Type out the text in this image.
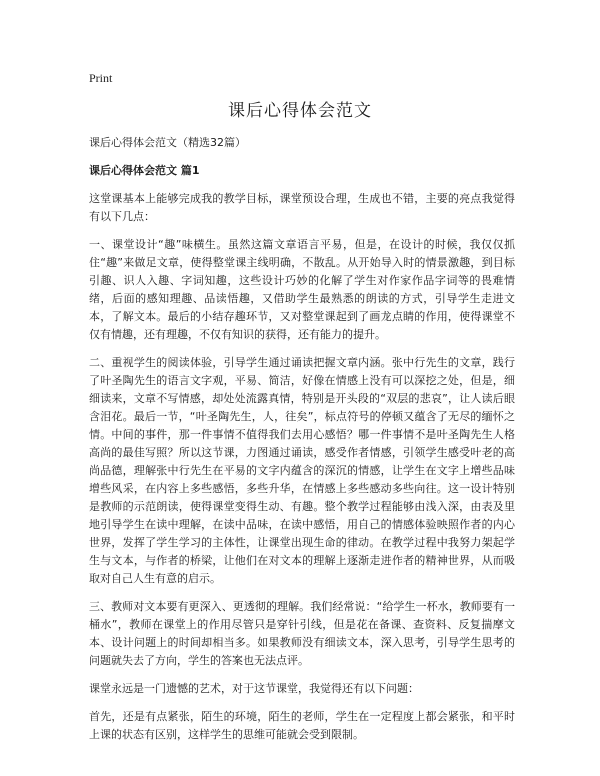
Print
课后心得体会范文

课后心得体会范文（精选32篇）

课后心得体会范文 篇1

这堂课基本上能够完成我的教学目标，课堂预设合理，生成也不错，主要的亮点我觉得有以下几点：

一、课堂设计“趣”味横生。虽然这篇文章语言平易，但是，在设计的时候，我仅仅抓住“趣”来做足文章，使得整堂课主线明确，不散乱。从开始导入时的情景激趣，到目标引趣、识人入趣、字词知趣，这些设计巧妙的化解了学生对作家作品字词等的畏难情绪，后面的感知理趣、品读悟趣，又借助学生最熟悉的朗读的方式，引导学生走进文本，了解文本。最后的小结存趣环节，又对整堂课起到了画龙点睛的作用，使得课堂不仅有情趣，还有理趣，不仅有知识的获得，还有能力的提升。

二、重视学生的阅读体验，引导学生通过诵读把握文章内涵。张中行先生的文章，践行了叶圣陶先生的语言文字观，平易、简洁，好像在情感上没有可以深挖之处，但是，细细读来，文章不写情感，却处处流露真情，特别是开头段的“双层的悲哀”，让人读后眼含泪花。最后一节，“叶圣陶先生，人，往矣”，标点符号的停顿又蕴含了无尽的缅怀之情。中间的事件，那一件事情不值得我们去用心感悟？哪一件事情不是叶圣陶先生人格高尚的最佳写照？所以这节课，力图通过诵读，感受作者情感，引领学生感受叶老的高尚品德，理解张中行先生在平易的文字内蕴含的深沉的情感，让学生在文字上增些品味增些风采，在内容上多些感悟，多些升华，在情感上多些感动多些向往。这一设计特别是教师的示范朗读，使得课堂变得生动、有趣。整个教学过程能够由浅入深，由表及里地引导学生在读中理解，在读中品味，在读中感悟，用自己的情感体验映照作者的内心世界，发挥了学生学习的主体性，让课堂出现生命的律动。在教学过程中我努力架起学生与文本，与作者的桥梁，让他们在对文本的理解上逐渐走进作者的精神世界，从而吸取对自己人生有意的启示。

三、教师对文本要有更深入、更透彻的理解。我们经常说：“给学生一杯水，教师要有一桶水”，教师在课堂上的作用尽管只是穿针引线，但是花在备课、查资料、反复揣摩文本、设计问题上的时间却相当多。如果教师没有细读文本，深入思考，引导学生思考的问题就失去了方向，学生的答案也无法点评。

课堂永远是一门遗憾的艺术，对于这节课堂，我觉得还有以下问题：

首先，还是有点紧张，陌生的环境，陌生的老师，学生在一定程度上都会紧张，和平时上课的状态有区别，这样学生的思维可能就会受到限制。
